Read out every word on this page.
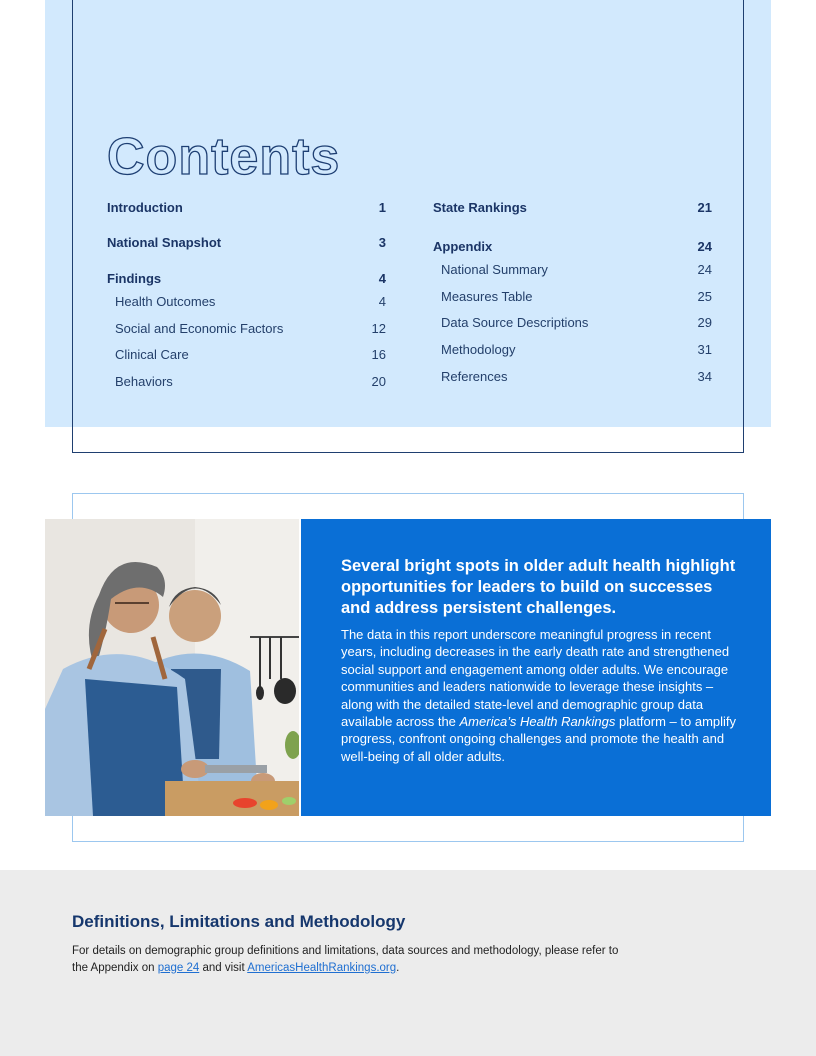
Contents
Introduction	1
National Snapshot	3
Findings	4
Health Outcomes	4
Social and Economic Factors	12
Clinical Care	16
Behaviors	20
State Rankings	21
Appendix	24
National Summary	24
Measures Table	25
Data Source Descriptions	29
Methodology	31
References	34
Several bright spots in older adult health highlight opportunities for leaders to build on successes and address persistent challenges.
The data in this report underscore meaningful progress in recent years, including decreases in the early death rate and strengthened social support and engagement among older adults. We encourage communities and leaders nationwide to leverage these insights – along with the detailed state-level and demographic group data available across the America’s Health Rankings platform – to amplify progress, confront ongoing challenges and promote the health and well-being of all older adults.
Definitions, Limitations and Methodology
For details on demographic group definitions and limitations, data sources and methodology, please refer to the Appendix on page 24 and visit AmericasHealthRankings.org.
